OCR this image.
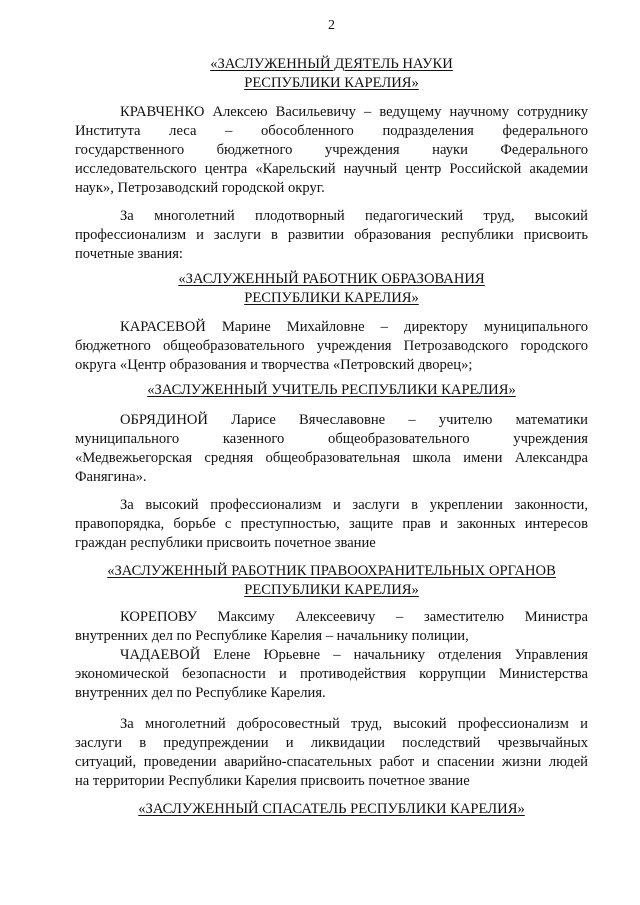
2
«ЗАСЛУЖЕННЫЙ ДЕЯТЕЛЬ НАУКИ
РЕСПУБЛИКИ КАРЕЛИЯ»
КРАВЧЕНКО Алексею Васильевичу – ведущему научному сотруднику
Института леса – обособленного подразделения федерального
государственного бюджетного учреждения науки Федерального
исследовательского центра «Карельский научный центр Российской академии
наук», Петрозаводский городской округ.
За многолетний плодотворный педагогический труд, высокий
профессионализм и заслуги в развитии образования республики присвоить
почетные звания:
«ЗАСЛУЖЕННЫЙ РАБОТНИК ОБРАЗОВАНИЯ
РЕСПУБЛИКИ КАРЕЛИЯ»
КАРАСЕВОЙ Марине Михайловне – директору муниципального
бюджетного общеобразовательного учреждения Петрозаводского городского
округа «Центр образования и творчества «Петровский дворец»;
«ЗАСЛУЖЕННЫЙ УЧИТЕЛЬ РЕСПУБЛИКИ КАРЕЛИЯ»
ОБРЯДИНОЙ Ларисе Вячеславовне – учителю математики
муниципального казенного общеобразовательного учреждения
«Медвежьегорская средняя общеобразовательная школа имени Александра
Фанягина».
За высокий профессионализм и заслуги в укреплении законности,
правопорядка, борьбе с преступностью, защите прав и законных интересов
граждан республики присвоить почетное звание
«ЗАСЛУЖЕННЫЙ РАБОТНИК ПРАВООХРАНИТЕЛЬНЫХ ОРГАНОВ
РЕСПУБЛИКИ КАРЕЛИЯ»
КОРЕПОВУ Максиму Алексеевичу – заместителю Министра
внутренних дел по Республике Карелия – начальнику полиции,
ЧАДАЕВОЙ Елене Юрьевне – начальнику отделения Управления
экономической безопасности и противодействия коррупции Министерства
внутренних дел по Республике Карелия.
За многолетний добросовестный труд, высокий профессионализм и
заслуги в предупреждении и ликвидации последствий чрезвычайных
ситуаций, проведении аварийно-спасательных работ и спасении жизни людей
на территории Республики Карелия присвоить почетное звание
«ЗАСЛУЖЕННЫЙ СПАСАТЕЛЬ РЕСПУБЛИКИ КАРЕЛИЯ»
